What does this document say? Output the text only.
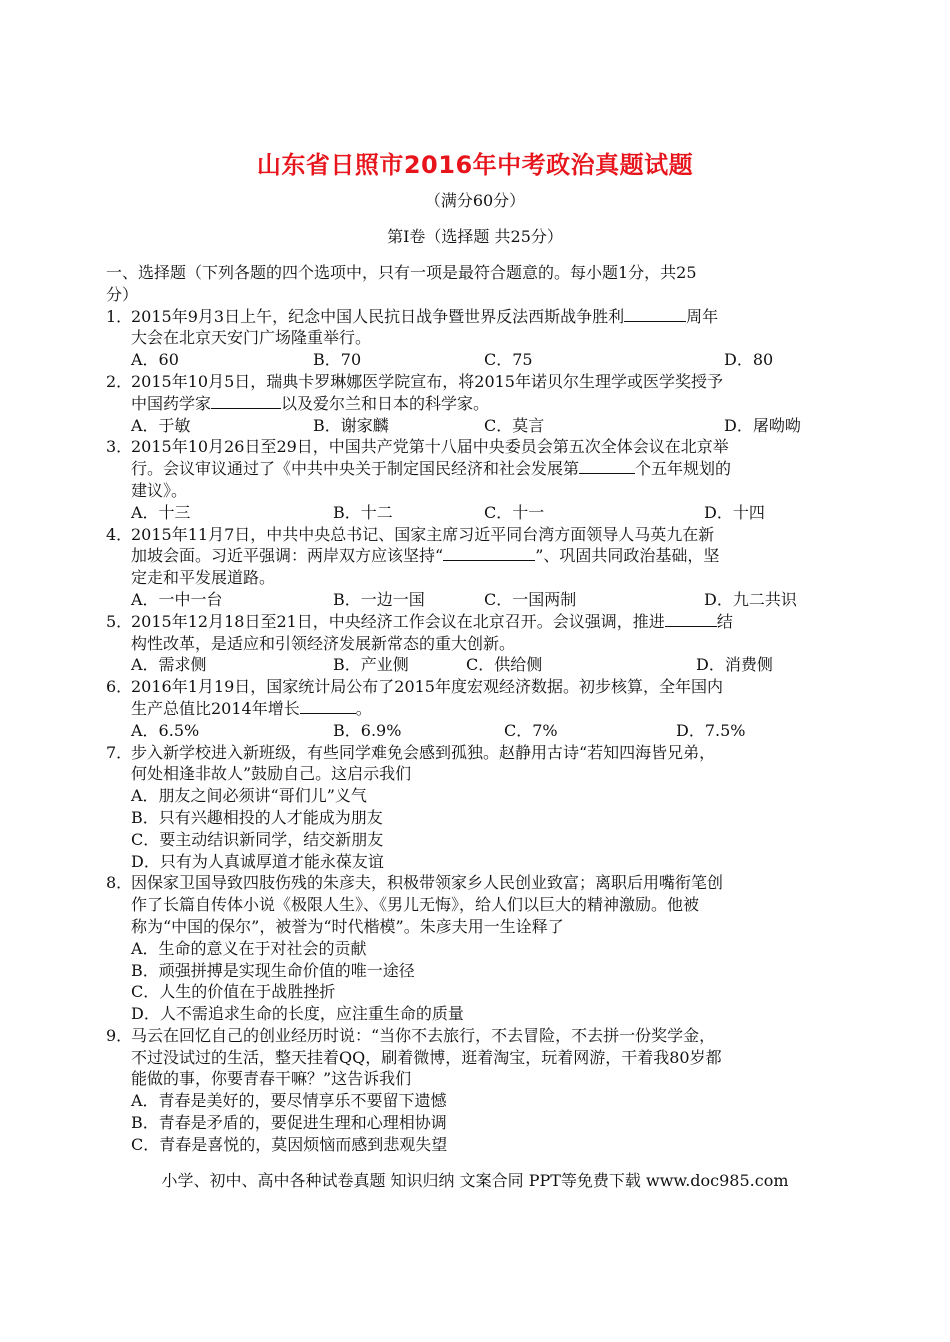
山东省日照市2016年中考政治真题试题
（满分60分）
第Ⅰ卷（选择题 共25分）
一、选择题（下列各题的四个选项中，只有一项是最符合题意的。每小题1分，共25
分）
1．2015年9月3日上午，纪念中国人民抗日战争暨世界反法西斯战争胜利	周年
大会在北京天安门广场隆重举行。
A．60	B．70	C．75	D．80
2．2015年10月5日，瑞典卡罗琳娜医学院宣布，将2015年诺贝尔生理学或医学奖授予
中国药学家	以及爱尔兰和日本的科学家。
A．于敏	B．谢家麟	C．莫言	D．屠呦呦
3．2015年10月26日至29日，中国共产党第十八届中央委员会第五次全体会议在北京举
行。会议审议通过了《中共中央关于制定国民经济和社会发展第	个五年规划的
建议》。
A．十三	B．十二	C．十一	D．十四
4．2015年11月7日，中共中央总书记、国家主席习近平同台湾方面领导人马英九在新
加坡会面。习近平强调：两岸双方应该坚持“	”、巩固共同政治基础，坚
定走和平发展道路。
A．一中一台	B．一边一国	C．一国两制	D．九二共识
5．2015年12月18日至21日，中央经济工作会议在北京召开。会议强调，推进	结
构性改革，是适应和引领经济发展新常态的重大创新。
A．需求侧	B．产业侧	C．供给侧	D．消费侧
6．2016年1月19日，国家统计局公布了2015年度宏观经济数据。初步核算，全年国内
生产总值比2014年增长	。
A．6.5%	B．6.9%	C．7%	D．7.5%
7．步入新学校进入新班级，有些同学难免会感到孤独。赵静用古诗“若知四海皆兄弟，
何处相逢非故人”鼓励自己。这启示我们
A．朋友之间必须讲“哥们儿”义气
B．只有兴趣相投的人才能成为朋友
C．要主动结识新同学，结交新朋友
D．只有为人真诚厚道才能永葆友谊
8．因保家卫国导致四肢伤残的朱彦夫，积极带领家乡人民创业致富；离职后用嘴衔笔创
作了长篇自传体小说《极限人生》、《男儿无悔》，给人们以巨大的精神激励。他被
称为“中国的保尔”，被誉为“时代楷模”。朱彦夫用一生诠释了
A．生命的意义在于对社会的贡献
B．顽强拼搏是实现生命价值的唯一途径
C．人生的价值在于战胜挫折
D．人不需追求生命的长度，应注重生命的质量
9．马云在回忆自己的创业经历时说：“当你不去旅行，不去冒险，不去拼一份奖学金，
不过没试过的生活，整天挂着QQ，刷着微博，逛着淘宝，玩着网游，干着我80岁都
能做的事，你要青春干嘛？”这告诉我们
A．青春是美好的，要尽情享乐不要留下遗憾
B．青春是矛盾的，要促进生理和心理相协调
C．青春是喜悦的，莫因烦恼而感到悲观失望
小学、初中、高中各种试卷真题 知识归纳 文案合同 PPT等免费下载 www.doc985.com
